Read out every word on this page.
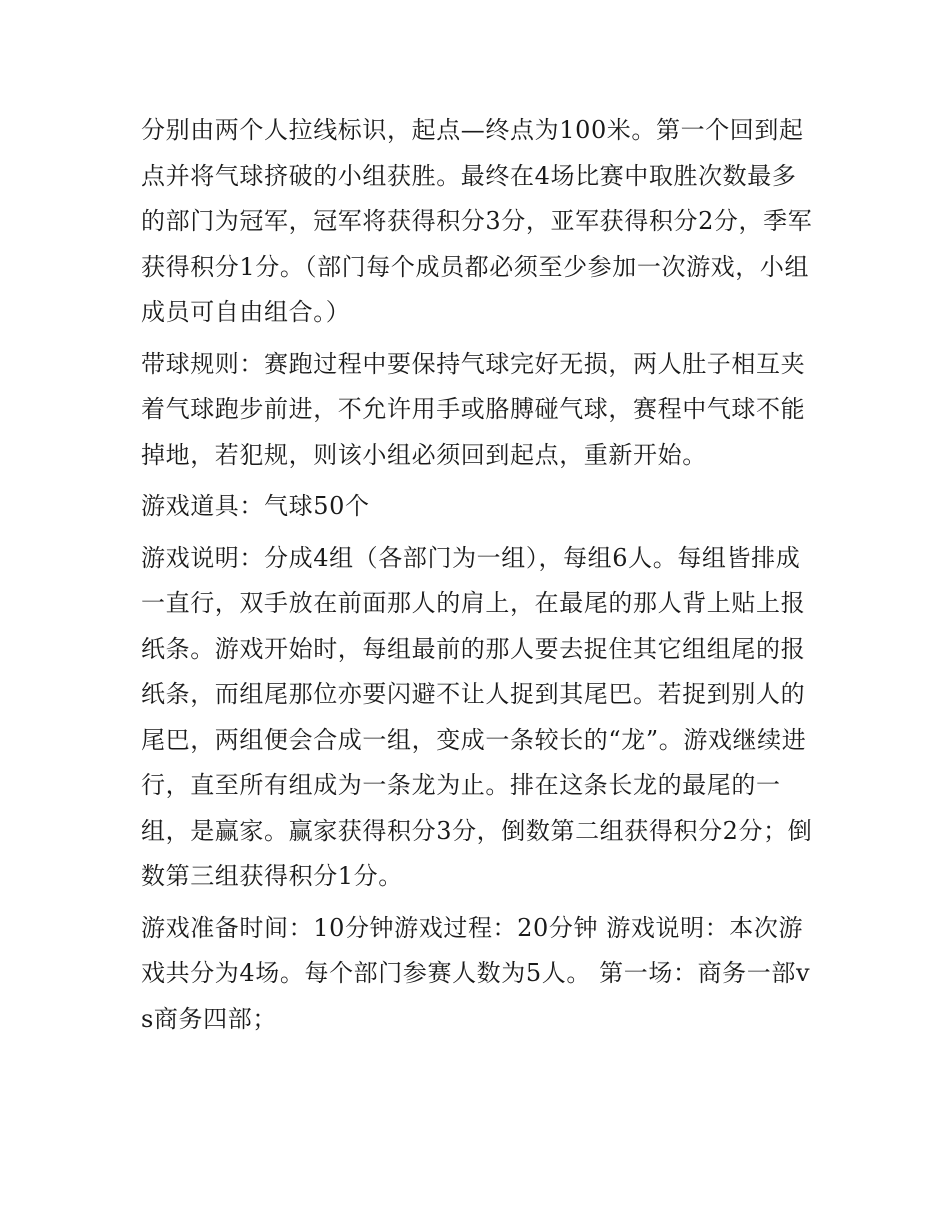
分别由两个人拉线标识，起点—终点为100米。第一个回到起点并将气球挤破的小组获胜。最终在4场比赛中取胜次数最多的部门为冠军，冠军将获得积分3分，亚军获得积分2分，季军获得积分1分。（部门每个成员都必须至少参加一次游戏，小组成员可自由组合。）

带球规则：赛跑过程中要保持气球完好无损，两人肚子相互夹着气球跑步前进，不允许用手或胳膊碰气球，赛程中气球不能掉地，若犯规，则该小组必须回到起点，重新开始。

游戏道具：气球50个

游戏说明：分成4组（各部门为一组），每组6人。每组皆排成一直行，双手放在前面那人的肩上，在最尾的那人背上贴上报纸条。游戏开始时，每组最前的那人要去捉住其它组组尾的报纸条，而组尾那位亦要闪避不让人捉到其尾巴。若捉到别人的尾巴，两组便会合成一组，变成一条较长的“龙”。游戏继续进行，直至所有组成为一条龙为止。排在这条长龙的最尾的一组，是赢家。赢家获得积分3分，倒数第二组获得积分2分；倒数第三组获得积分1分。

游戏准备时间：10分钟游戏过程：20分钟 游戏说明：本次游戏共分为4场。每个部门参赛人数为5人。 第一场：商务一部vs商务四部；
